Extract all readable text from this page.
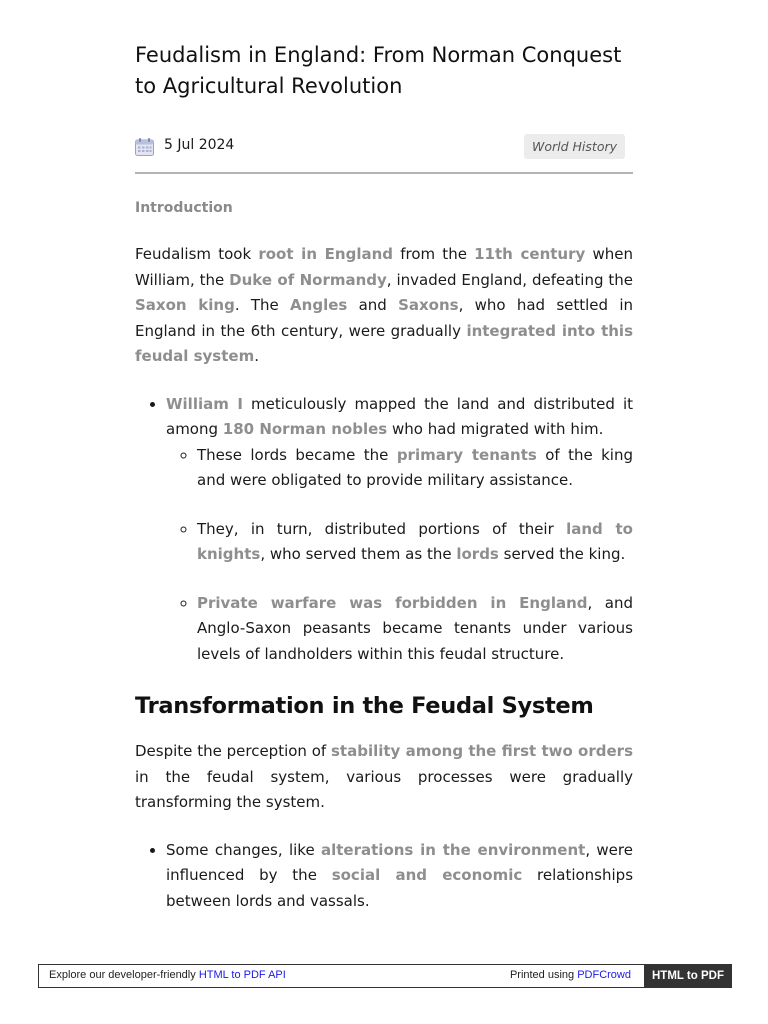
Feudalism in England: From Norman Conquest to Agricultural Revolution
5 Jul 2024	World History
Introduction

Feudalism took root in England from the 11th century when William, the Duke of Normandy, invaded England, defeating the Saxon king. The Angles and Saxons, who had settled in England in the 6th century, were gradually integrated into this feudal system.

• William I meticulously mapped the land and distributed it among 180 Norman nobles who had migrated with him.
◦ These lords became the primary tenants of the king and were obligated to provide military assistance.
◦ They, in turn, distributed portions of their land to knights, who served them as the lords served the king.
◦ Private warfare was forbidden in England, and Anglo-Saxon peasants became tenants under various levels of landholders within this feudal structure.
Transformation in the Feudal System

Despite the perception of stability among the first two orders in the feudal system, various processes were gradually transforming the system.

• Some changes, like alterations in the environment, were influenced by the social and economic relationships between lords and vassals.
Explore our developer-friendly HTML to PDF API	Printed using PDFCrowd	HTML to PDF
